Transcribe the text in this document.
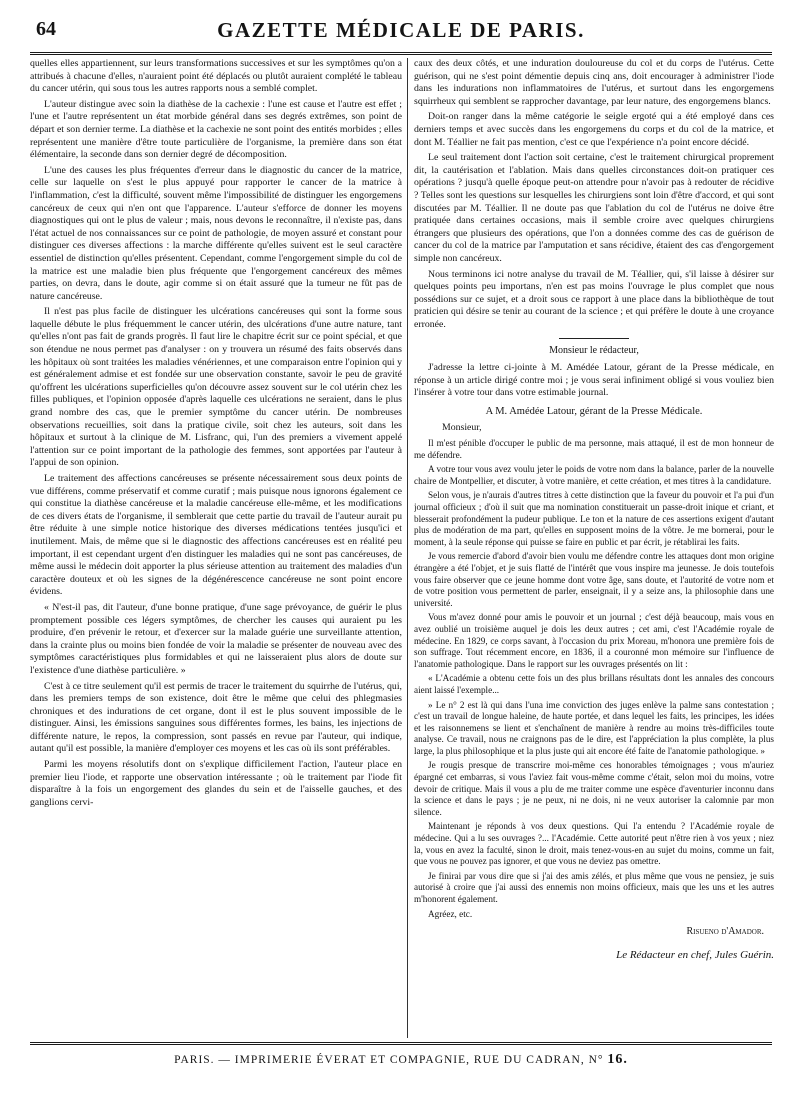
64	GAZETTE MÉDICALE DE PARIS.

quelles elles appartiennent, sur leurs transformations successives et sur les symptômes qu'on a attribués à chacune d'elles, n'auraient point été déplacés ou plutôt auraient complété le tableau du cancer utérin, qui sous tous les autres rapports nous a semblé complet.

L'auteur distingue avec soin la diathèse de la cachexie : l'une est cause et l'autre est effet ; l'une et l'autre représentent un état morbide général dans ses degrés extrêmes, son point de départ et son dernier terme. La diathèse et la cachexie ne sont point des entités morbides ; elles représentent une manière d'être toute particulière de l'organisme, la première dans son état élémentaire, la seconde dans son dernier degré de décomposition.

L'une des causes les plus fréquentes d'erreur dans le diagnostic du cancer de la matrice, celle sur laquelle on s'est le plus appuyé pour rapporter le cancer de la matrice à l'inflammation, c'est la difficulté, souvent même l'impossibilité de distinguer les engorgemens cancéreux de ceux qui n'en ont que l'apparence. L'auteur s'efforce de donner les moyens diagnostiques qui ont le plus de valeur ; mais, nous devons le reconnaître, il n'existe pas, dans l'état actuel de nos connaissances sur ce point de pathologie, de moyen assuré et constant pour distinguer ces diverses affections : la marche différente qu'elles suivent est le seul caractère essentiel de distinction qu'elles présentent. Cependant, comme l'engorgement simple du col de la matrice est une maladie bien plus fréquente que l'engorgement cancéreux des mêmes parties, on devra, dans le doute, agir comme si on était assuré que la tumeur ne fût pas de nature cancéreuse.

Il n'est pas plus facile de distinguer les ulcérations cancéreuses qui sont la forme sous laquelle débute le plus fréquemment le cancer utérin, des ulcérations d'une autre nature, tant qu'elles n'ont pas fait de grands progrès. Il faut lire le chapitre écrit sur ce point spécial, et que son étendue ne nous permet pas d'analyser : on y trouvera un résumé des faits observés dans les hôpitaux où sont traitées les maladies vénériennes, et une comparaison entre l'opinion qui y est généralement admise et est fondée sur une observation constante, savoir le peu de gravité qu'offrent les ulcérations superficielles qu'on découvre assez souvent sur le col utérin chez les filles publiques, et l'opinion opposée d'après laquelle ces ulcérations ne seraient, dans le plus grand nombre des cas, que le premier symptôme du cancer utérin. De nombreuses observations recueillies, soit dans la pratique civile, soit chez les auteurs, soit dans les hôpitaux et surtout à la clinique de M. Lisfranc, qui, l'un des premiers a vivement appelé l'attention sur ce point important de la pathologie des femmes, sont apportées par l'auteur à l'appui de son opinion.

Le traitement des affections cancéreuses se présente nécessairement sous deux points de vue différens, comme préservatif et comme curatif ; mais puisque nous ignorons également ce qui constitue la diathèse cancéreuse et la maladie cancéreuse elle-même, et les modifications de ces divers états de l'organisme, il semblerait que cette partie du travail de l'auteur aurait pu être réduite à une simple notice historique des diverses médications tentées jusqu'ici et inutilement. Mais, de même que si le diagnostic des affections cancéreuses est en réalité peu important, il est cependant urgent d'en distinguer les maladies qui ne sont pas cancéreuses, de même aussi le médecin doit apporter la plus sérieuse attention au traitement des maladies d'un caractère douteux et où les signes de la dégénérescence cancéreuse ne sont point encore évidens.

« N'est-il pas, dit l'auteur, d'une bonne pratique, d'une sage prévoyance, de guérir le plus promptement possible ces légers symptômes, de chercher les causes qui auraient pu les produire, d'en prévenir le retour, et d'exercer sur la malade guérie une surveillante attention, dans la crainte plus ou moins bien fondée de voir la maladie se présenter de nouveau avec des symptômes caractéristiques plus formidables et qui ne laisseraient plus alors de doute sur l'existence d'une diathèse particulière. »

C'est à ce titre seulement qu'il est permis de tracer le traitement du squirrhe de l'utérus, qui, dans les premiers temps de son existence, doit être le même que celui des phlegmasies chroniques et des indurations de cet organe, dont il est le plus souvent impossible de le distinguer. Ainsi, les émissions sanguines sous différentes formes, les bains, les injections de différente nature, le repos, la compression, sont passés en revue par l'auteur, qui indique, autant qu'il est possible, la manière d'employer ces moyens et les cas où ils sont préférables.

Parmi les moyens résolutifs dont on s'explique difficilement l'action, l'auteur place en premier lieu l'iode, et rapporte une observation intéressante ; où le traitement par l'iode fit disparaître à la fois un engorgement des glandes du sein et de l'aisselle gauches, et des ganglions cervi-

caux des deux côtés, et une induration douloureuse du col et du corps de l'utérus. Cette guérison, qui ne s'est point démentie depuis cinq ans, doit encourager à administrer l'iode dans les indurations non inflammatoires de l'utérus, et surtout dans les engorgemens squirrheux qui semblent se rapprocher davantage, par leur nature, des engorgemens blancs.

Doit-on ranger dans la même catégorie le seigle ergoté qui a été employé dans ces derniers temps et avec succès dans les engorgemens du corps et du col de la matrice, et dont M. Téallier ne fait pas mention, c'est ce que l'expérience n'a point encore décidé.

Le seul traitement dont l'action soit certaine, c'est le traitement chirurgical proprement dit, la cautérisation et l'ablation. Mais dans quelles circonstances doit-on pratiquer ces opérations ? jusqu'à quelle époque peut-on attendre pour n'avoir pas à redouter de récidive ? Telles sont les questions sur lesquelles les chirurgiens sont loin d'être d'accord, et qui sont discutées par M. Téallier. Il ne doute pas que l'ablation du col de l'utérus ne doive être pratiquée dans certaines occasions, mais il semble croire avec quelques chirurgiens étrangers que plusieurs des opérations, que l'on a données comme des cas de guérison de cancer du col de la matrice par l'amputation et sans récidive, étaient des cas d'engorgement simple non cancéreux.

Nous terminons ici notre analyse du travail de M. Téallier, qui, s'il laisse à désirer sur quelques points peu importans, n'en est pas moins l'ouvrage le plus complet que nous possédions sur ce sujet, et a droit sous ce rapport à une place dans la bibliothèque de tout praticien qui désire se tenir au courant de la science ; et qui préfère le doute à une croyance erronée.

Monsieur le rédacteur,

J'adresse la lettre ci-jointe à M. Amédée Latour, gérant de la Presse médicale, en réponse à un article dirigé contre moi ; je vous serai infiniment obligé si vous vouliez bien l'insérer à votre tour dans votre estimable journal.

A M. Amédée Latour, gérant de la Presse Médicale.

Monsieur,

Il m'est pénible d'occuper le public de ma personne, mais attaqué, il est de mon honneur de me défendre.

A votre tour vous avez voulu jeter le poids de votre nom dans la balance, parler de la nouvelle chaire de Montpellier, et discuter, à votre manière, et cette création, et mes titres à la candidature.

Selon vous, je n'aurais d'autres titres à cette distinction que la faveur du pouvoir et l'a pui d'un journal officieux ; d'où il suit que ma nomination constituerait un passe-droit inique et criant, et blesserait profondément la pudeur publique. Le ton et la nature de ces assertions exigent d'autant plus de modération de ma part, qu'elles en supposent moins de la vôtre. Je me bornerai, pour le moment, à la seule réponse qui puisse se faire en public et par écrit, je rétablirai les faits.

Je vous remercie d'abord d'avoir bien voulu me défendre contre les attaques dont mon origine étrangère a été l'objet, et je suis flatté de l'intérêt que vous inspire ma jeunesse. Je dois toutefois vous faire observer que ce jeune homme dont votre âge, sans doute, et l'autorité de votre nom et de votre position vous permettent de parler, enseignait, il y a seize ans, la philosophie dans une université.

Vous m'avez donné pour amis le pouvoir et un journal ; c'est déjà beaucoup, mais vous en avez oublié un troisième auquel je dois les deux autres ; cet ami, c'est l'Académie royale de médecine. En 1829, ce corps savant, à l'occasion du prix Moreau, m'honora une première fois de son suffrage. Tout récemment encore, en 1836, il a couronné mon mémoire sur l'influence de l'anatomie pathologique. Dans le rapport sur les ouvrages présentés on lit :

« L'Académie a obtenu cette fois un des plus brillans résultats dont les annales des concours aient laissé l'exemple...

» Le n° 2 est là qui dans l'una ime conviction des juges enlève la palme sans contestation ; c'est un travail de longue haleine, de haute portée, et dans lequel les faits, les principes, les idées et les raisonnemens se lient et s'enchaînent de manière à rendre au moins très-difficiles toute analyse. Ce travail, nous ne craignons pas de le dire, est l'appréciation la plus complète, la plus large, la plus philosophique et la plus juste qui ait encore été faite de l'anatomie pathologique. »

Je rougis presque de transcrire moi-même ces honorables témoignages ; vous m'auriez épargné cet embarras, si vous l'aviez fait vous-même comme c'était, selon moi du moins, votre devoir de critique. Mais il vous a plu de me traiter comme une espèce d'aventurier inconnu dans la science et dans le pays ; je ne peux, ni ne dois, ni ne veux autoriser la calomnie par mon silence.

Maintenant je réponds à vos deux questions. Qui l'a entendu ? l'Académie royale de médecine. Qui a lu ses ouvrages ?... l'Académie. Cette autorité peut n'être rien à vos yeux ; niez la, vous en avez la faculté, sinon le droit, mais tenez-vous-en au sujet du moins, comme un fait, que vous ne pouvez pas ignorer, et que vous ne deviez pas omettre.

Je finirai par vous dire que si j'ai des amis zélés, et plus même que vous ne pensiez, je suis autorisé à croire que j'ai aussi des ennemis non moins officieux, mais que les uns et les autres m'honorent également.

Agréez, etc.

Risueno d'Amador.

Le Rédacteur en chef, Jules Guérin.

PARIS. — IMPRIMERIE ÉVERAT ET COMPAGNIE, RUE DU CADRAN, N° 16.
